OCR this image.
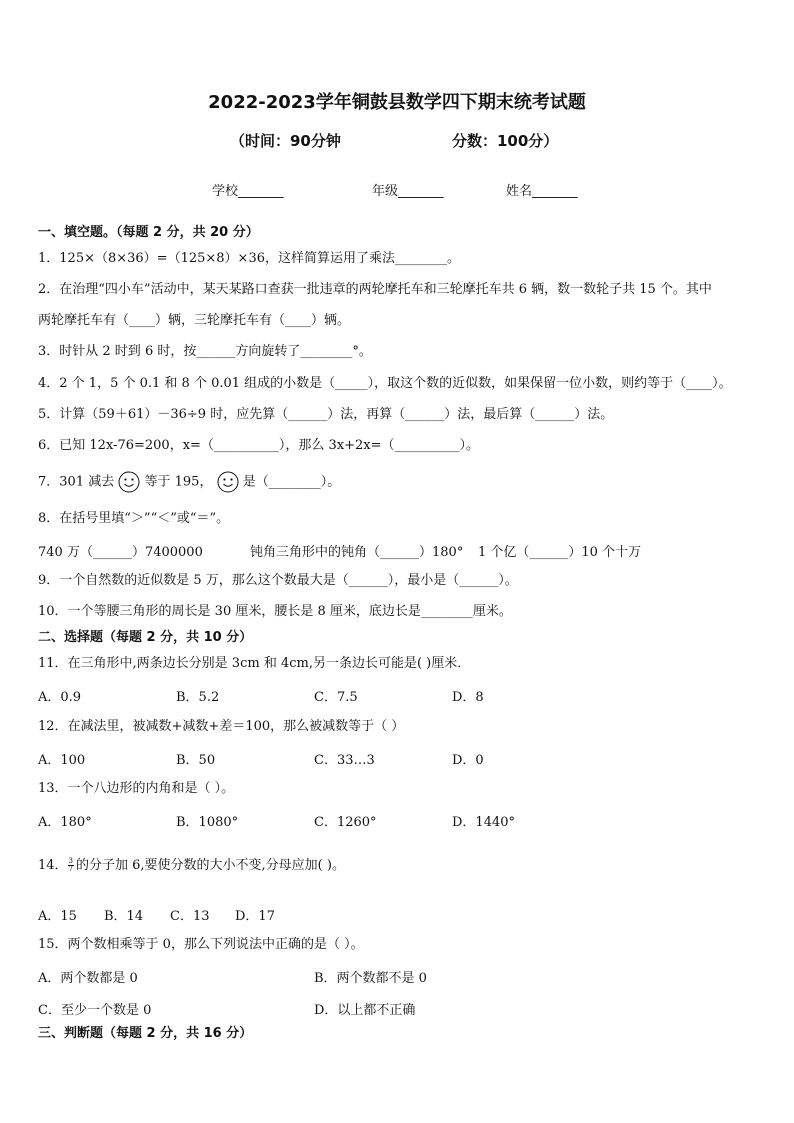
2022-2023学年铜鼓县数学四下期末统考试题
（时间：90分钟	分数：100分）
学校_______	年级_______	姓名_______
一、填空题。（每题 2 分，共 20 分）
1．125×（8×36）=（125×8）×36，这样简算运用了乘法________。
2．在治理“四小车”活动中，某天某路口查获一批违章的两轮摩托车和三轮摩托车共 6 辆，数一数轮子共 15 个。其中
两轮摩托车有（____）辆，三轮摩托车有（____）辆。
3．时针从 2 时到 6 时，按______方向旋转了________°。
4．2 个 1，5 个 0.1 和 8 个 0.01 组成的小数是（_____），取这个数的近似数，如果保留一位小数，则约等于（____）。
5．计算（59＋61）－36÷9 时，应先算（______）法，再算（______）法，最后算（______）法。
6．已知 12x-76=200，x=（__________），那么 3x+2x=（__________）。
7．301 减去  等于 195， 是（________）。
8．在括号里填“＞”“＜”或“＝”。
740 万（______）7400000	钝角三角形中的钝角（______）180° 1 个亿（______）10 个十万
9．一个自然数的近似数是 5 万，那么这个数最大是（______），最小是（______）。
10．一个等腰三角形的周长是 30 厘米，腰长是 8 厘米，底边长是________厘米。
二、选择题（每题 2 分，共 10 分）
11．在三角形中,两条边长分别是 3cm 和 4cm,另一条边长可能是( )厘米．
A．0.9	B．5.2	C．7.5	D．8
12．在减法里，被减数+减数+差＝100，那么被减数等于（ ）
A．100	B．50	C．33…3	D．0
13．一个八边形的内角和是（ ）。
A．180°	B．1080°	C．1260°	D．1440°
14． $\frac{3}{7}$ 的分子加 6,要使分数的大小不变,分母应加( )。
A．15 B．14 C．13 D．17
15．两个数相乘等于 0，那么下列说法中正确的是（ ）。
A．两个数都是 0	B．两个数都不是 0
C．至少一个数是 0	D．以上都不正确
三、判断题（每题 2 分，共 16 分）
